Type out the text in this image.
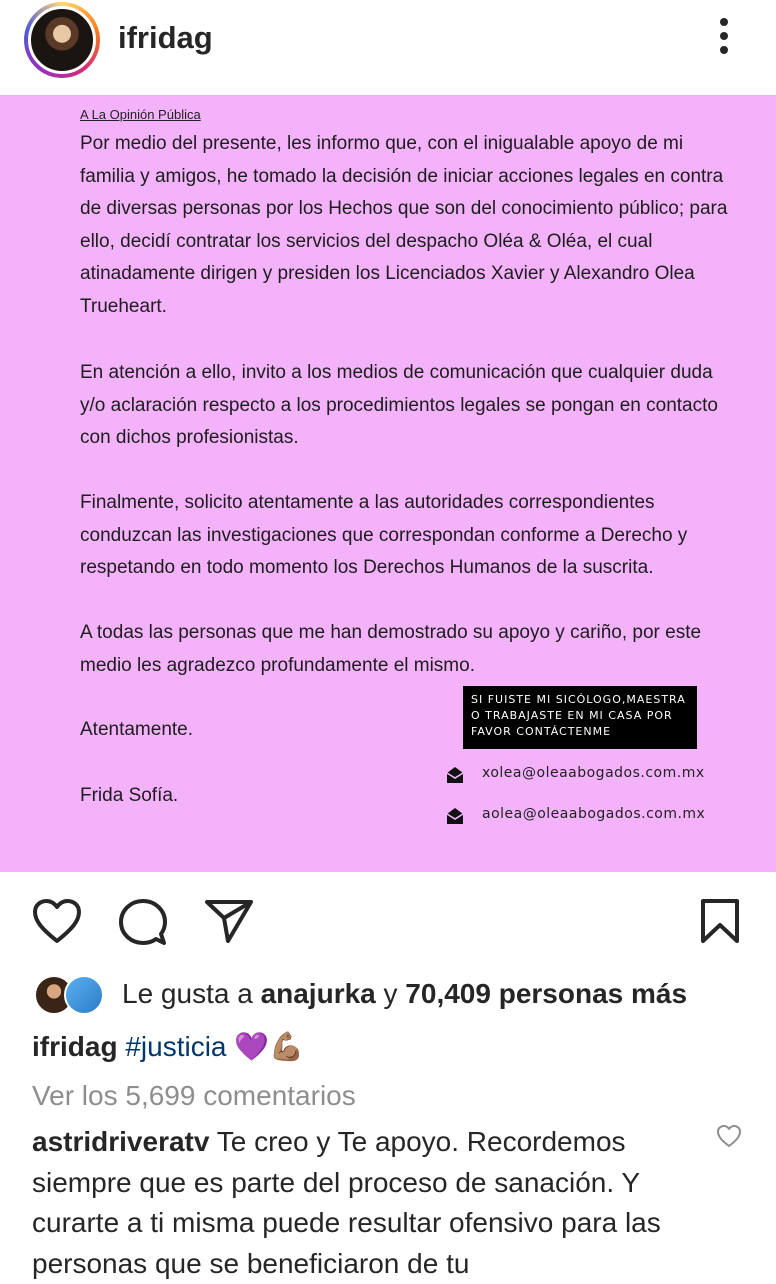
ifridag
A La Opinión Pública
Por medio del presente, les informo que, con el inigualable apoyo de mi familia y amigos, he tomado la decisión de iniciar acciones legales en contra de diversas personas por los Hechos que son del conocimiento público; para ello, decidí contratar los servicios del despacho Oléa & Oléa, el cual atinadamente dirigen y presiden los Licenciados Xavier y Alexandro Olea Trueheart.
En atención a ello, invito a los medios de comunicación que cualquier duda y/o aclaración respecto a los procedimientos legales se pongan en contacto con dichos profesionistas.
Finalmente, solicito atentamente a las autoridades correspondientes conduzcan las investigaciones que correspondan conforme a Derecho y respetando en todo momento los Derechos Humanos de la suscrita.
A todas las personas que me han demostrado su apoyo y cariño, por este medio les agradezco profundamente el mismo.
Atentamente.
Frida Sofía.
SI FUISTE MI SICÓLOGO,MAESTRA O TRABAJASTE EN MI CASA POR FAVOR CONTÁCTENME
xolea@oleaabogados.com.mx
aolea@oleaabogados.com.mx
Le gusta a anajurka y 70,409 personas más
ifridag #justicia 💜💪🏽
Ver los 5,699 comentarios
astridriveratv Te creo y Te apoyo. Recordemos siempre que es parte del proceso de sanación. Y curarte a ti misma puede resultar ofensivo para las personas que se beneficiaron de tu
